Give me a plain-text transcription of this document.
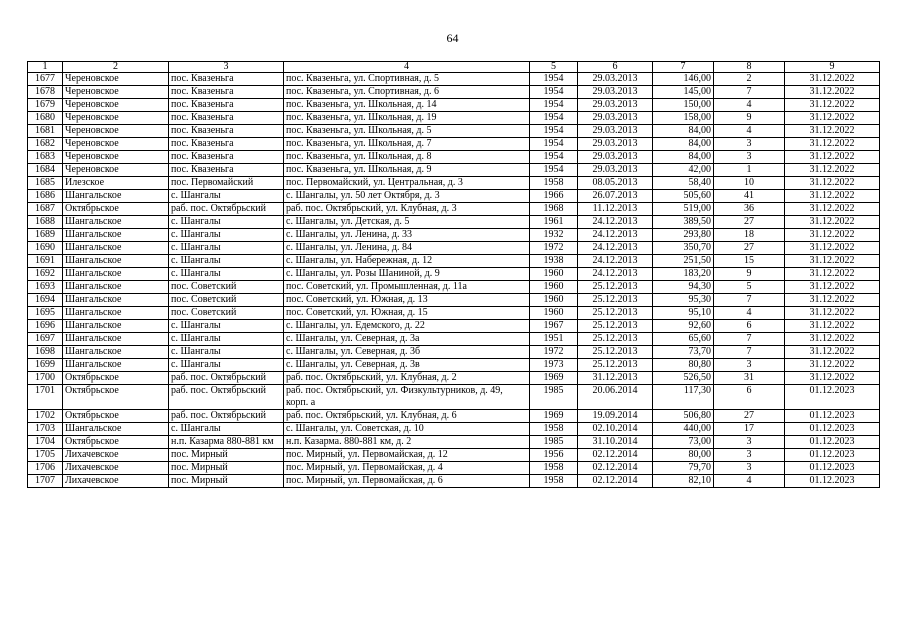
64
1	2	3	4	5	6	7	8	9
1677	Череновское	пос. Квазеньга	пос. Квазеньга, ул. Спортивная, д. 5	1954	29.03.2013	146,00	2	31.12.2022
1678	Череновское	пос. Квазеньга	пос. Квазеньга, ул. Спортивная, д. 6	1954	29.03.2013	145,00	7	31.12.2022
1679	Череновское	пос. Квазеньга	пос. Квазеньга, ул. Школьная, д. 14	1954	29.03.2013	150,00	4	31.12.2022
1680	Череновское	пос. Квазеньга	пос. Квазеньга, ул. Школьная, д. 19	1954	29.03.2013	158,00	9	31.12.2022
1681	Череновское	пос. Квазеньга	пос. Квазеньга, ул. Школьная, д. 5	1954	29.03.2013	84,00	4	31.12.2022
1682	Череновское	пос. Квазеньга	пос. Квазеньга, ул. Школьная, д. 7	1954	29.03.2013	84,00	3	31.12.2022
1683	Череновское	пос. Квазеньга	пос. Квазеньга, ул. Школьная, д. 8	1954	29.03.2013	84,00	3	31.12.2022
1684	Череновское	пос. Квазеньга	пос. Квазеньга, ул. Школьная, д. 9	1954	29.03.2013	42,00	1	31.12.2022
1685	Илезское	пос. Первомайский	пос. Первомайский, ул. Центральная, д. 3	1958	08.05.2013	58,40	10	31.12.2022
1686	Шангальское	с. Шангалы	с. Шангалы, ул. 50 лет Октября, д. 3	1966	26.07.2013	505,60	41	31.12.2022
1687	Октябрьское	раб. пос. Октябрьский	раб. пос. Октябрьский, ул. Клубная, д. 3	1968	11.12.2013	519,00	36	31.12.2022
1688	Шангальское	с. Шангалы	с. Шангалы, ул. Детская, д. 5	1961	24.12.2013	389,50	27	31.12.2022
1689	Шангальское	с. Шангалы	с. Шангалы, ул. Ленина, д. 33	1932	24.12.2013	293,80	18	31.12.2022
1690	Шангальское	с. Шангалы	с. Шангалы, ул. Ленина, д. 84	1972	24.12.2013	350,70	27	31.12.2022
1691	Шангальское	с. Шангалы	с. Шангалы, ул. Набережная, д. 12	1938	24.12.2013	251,50	15	31.12.2022
1692	Шангальское	с. Шангалы	с. Шангалы, ул. Розы Шаниной, д. 9	1960	24.12.2013	183,20	9	31.12.2022
1693	Шангальское	пос. Советский	пос. Советский, ул. Промышленная, д. 11а	1960	25.12.2013	94,30	5	31.12.2022
1694	Шангальское	пос. Советский	пос. Советский, ул. Южная, д. 13	1960	25.12.2013	95,30	7	31.12.2022
1695	Шангальское	пос. Советский	пос. Советский, ул. Южная, д. 15	1960	25.12.2013	95,10	4	31.12.2022
1696	Шангальское	с. Шангалы	с. Шангалы, ул. Едемского, д. 22	1967	25.12.2013	92,60	6	31.12.2022
1697	Шангальское	с. Шангалы	с. Шангалы, ул. Северная, д. 3а	1951	25.12.2013	65,60	7	31.12.2022
1698	Шангальское	с. Шангалы	с. Шангалы, ул. Северная, д. 3б	1972	25.12.2013	73,70	7	31.12.2022
1699	Шангальское	с. Шангалы	с. Шангалы, ул. Северная, д. 3в	1973	25.12.2013	80,80	3	31.12.2022
1700	Октябрьское	раб. пос. Октябрьский	раб. пос. Октябрьский, ул. Клубная, д. 2	1969	31.12.2013	526,50	31	31.12.2022
1701	Октябрьское	раб. пос. Октябрьский	раб. пос. Октябрьский, ул. Физкультурников, д. 49, корп. а	1985	20.06.2014	117,30	6	01.12.2023
1702	Октябрьское	раб. пос. Октябрьский	раб. пос. Октябрьский, ул. Клубная, д. 6	1969	19.09.2014	506,80	27	01.12.2023
1703	Шангальское	с. Шангалы	с. Шангалы, ул. Советская, д. 10	1958	02.10.2014	440,00	17	01.12.2023
1704	Октябрьское	н.п. Казарма 880-881 км	н.п. Казарма. 880-881 км, д. 2	1985	31.10.2014	73,00	3	01.12.2023
1705	Лихачевское	пос. Мирный	пос. Мирный, ул. Первомайская, д. 12	1956	02.12.2014	80,00	3	01.12.2023
1706	Лихачевское	пос. Мирный	пос. Мирный, ул. Первомайская, д. 4	1958	02.12.2014	79,70	3	01.12.2023
1707	Лихачевское	пос. Мирный	пос. Мирный, ул. Первомайская, д. 6	1958	02.12.2014	82,10	4	01.12.2023
